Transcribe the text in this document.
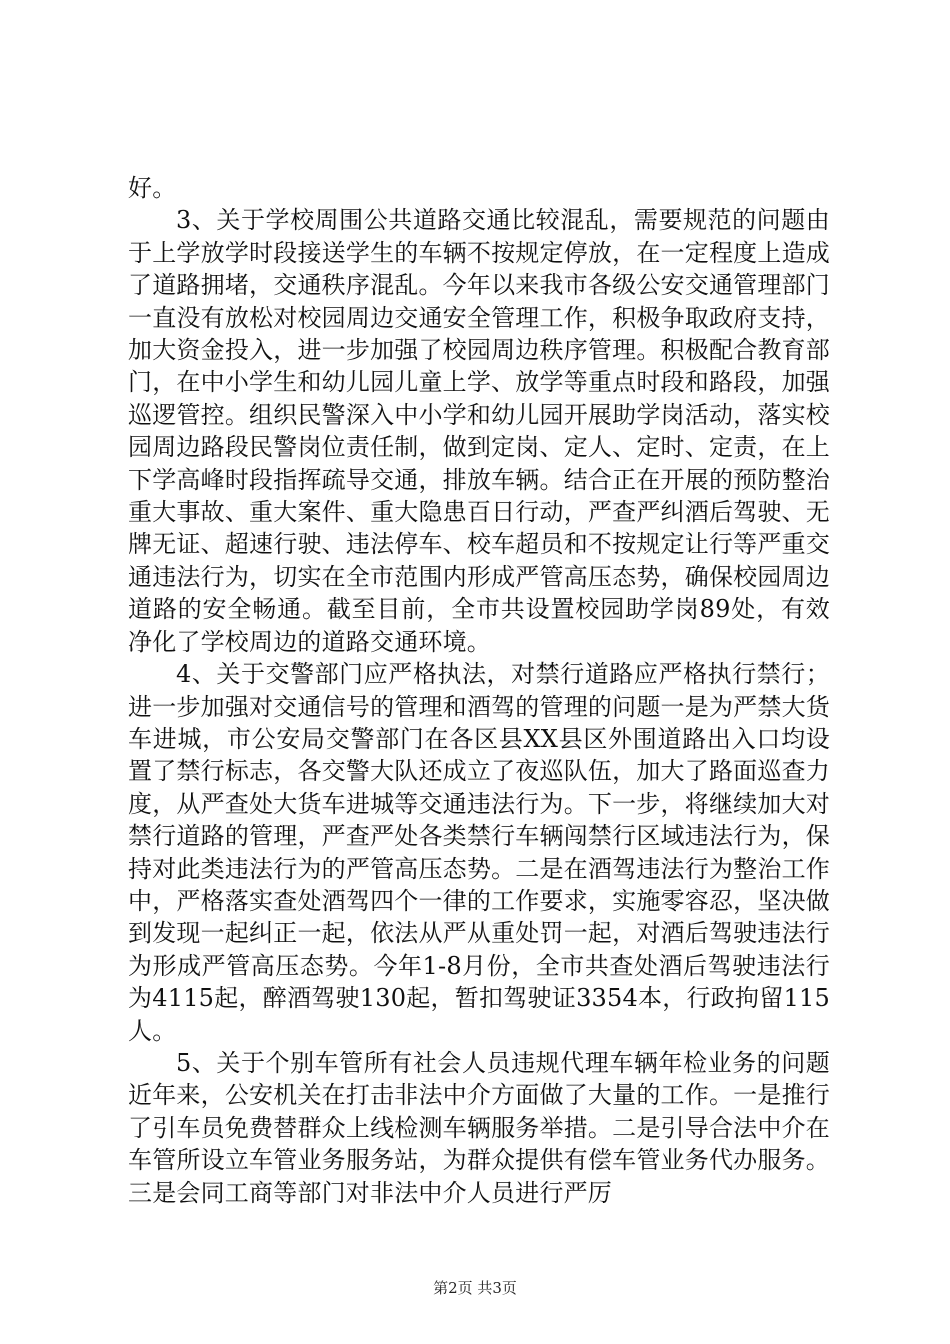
好。

3、关于学校周围公共道路交通比较混乱，需要规范的问题由于上学放学时段接送学生的车辆不按规定停放，在一定程度上造成了道路拥堵，交通秩序混乱。今年以来我市各级公安交通管理部门一直没有放松对校园周边交通安全管理工作，积极争取政府支持，加大资金投入，进一步加强了校园周边秩序管理。积极配合教育部门，在中小学生和幼儿园儿童上学、放学等重点时段和路段，加强巡逻管控。组织民警深入中小学和幼儿园开展助学岗活动，落实校园周边路段民警岗位责任制，做到定岗、定人、定时、定责，在上下学高峰时段指挥疏导交通，排放车辆。结合正在开展的预防整治重大事故、重大案件、重大隐患百日行动，严查严纠酒后驾驶、无牌无证、超速行驶、违法停车、校车超员和不按规定让行等严重交通违法行为，切实在全市范围内形成严管高压态势，确保校园周边道路的安全畅通。截至目前，全市共设置校园助学岗89处，有效净化了学校周边的道路交通环境。

4、关于交警部门应严格执法，对禁行道路应严格执行禁行；进一步加强对交通信号的管理和酒驾的管理的问题一是为严禁大货车进城，市公安局交警部门在各区县XX县区外围道路出入口均设置了禁行标志，各交警大队还成立了夜巡队伍，加大了路面巡查力度，从严查处大货车进城等交通违法行为。下一步，将继续加大对禁行道路的管理，严查严处各类禁行车辆闯禁行区域违法行为，保持对此类违法行为的严管高压态势。二是在酒驾违法行为整治工作中，严格落实查处酒驾四个一律的工作要求，实施零容忍，坚决做到发现一起纠正一起，依法从严从重处罚一起，对酒后驾驶违法行为形成严管高压态势。今年1-8月份，全市共查处酒后驾驶违法行为4115起，醉酒驾驶130起，暂扣驾驶证3354本，行政拘留115人。

5、关于个别车管所有社会人员违规代理车辆年检业务的问题近年来，公安机关在打击非法中介方面做了大量的工作。一是推行了引车员免费替群众上线检测车辆服务举措。二是引导合法中介在车管所设立车管业务服务站，为群众提供有偿车管业务代办服务。三是会同工商等部门对非法中介人员进行严厉

第2页 共3页
